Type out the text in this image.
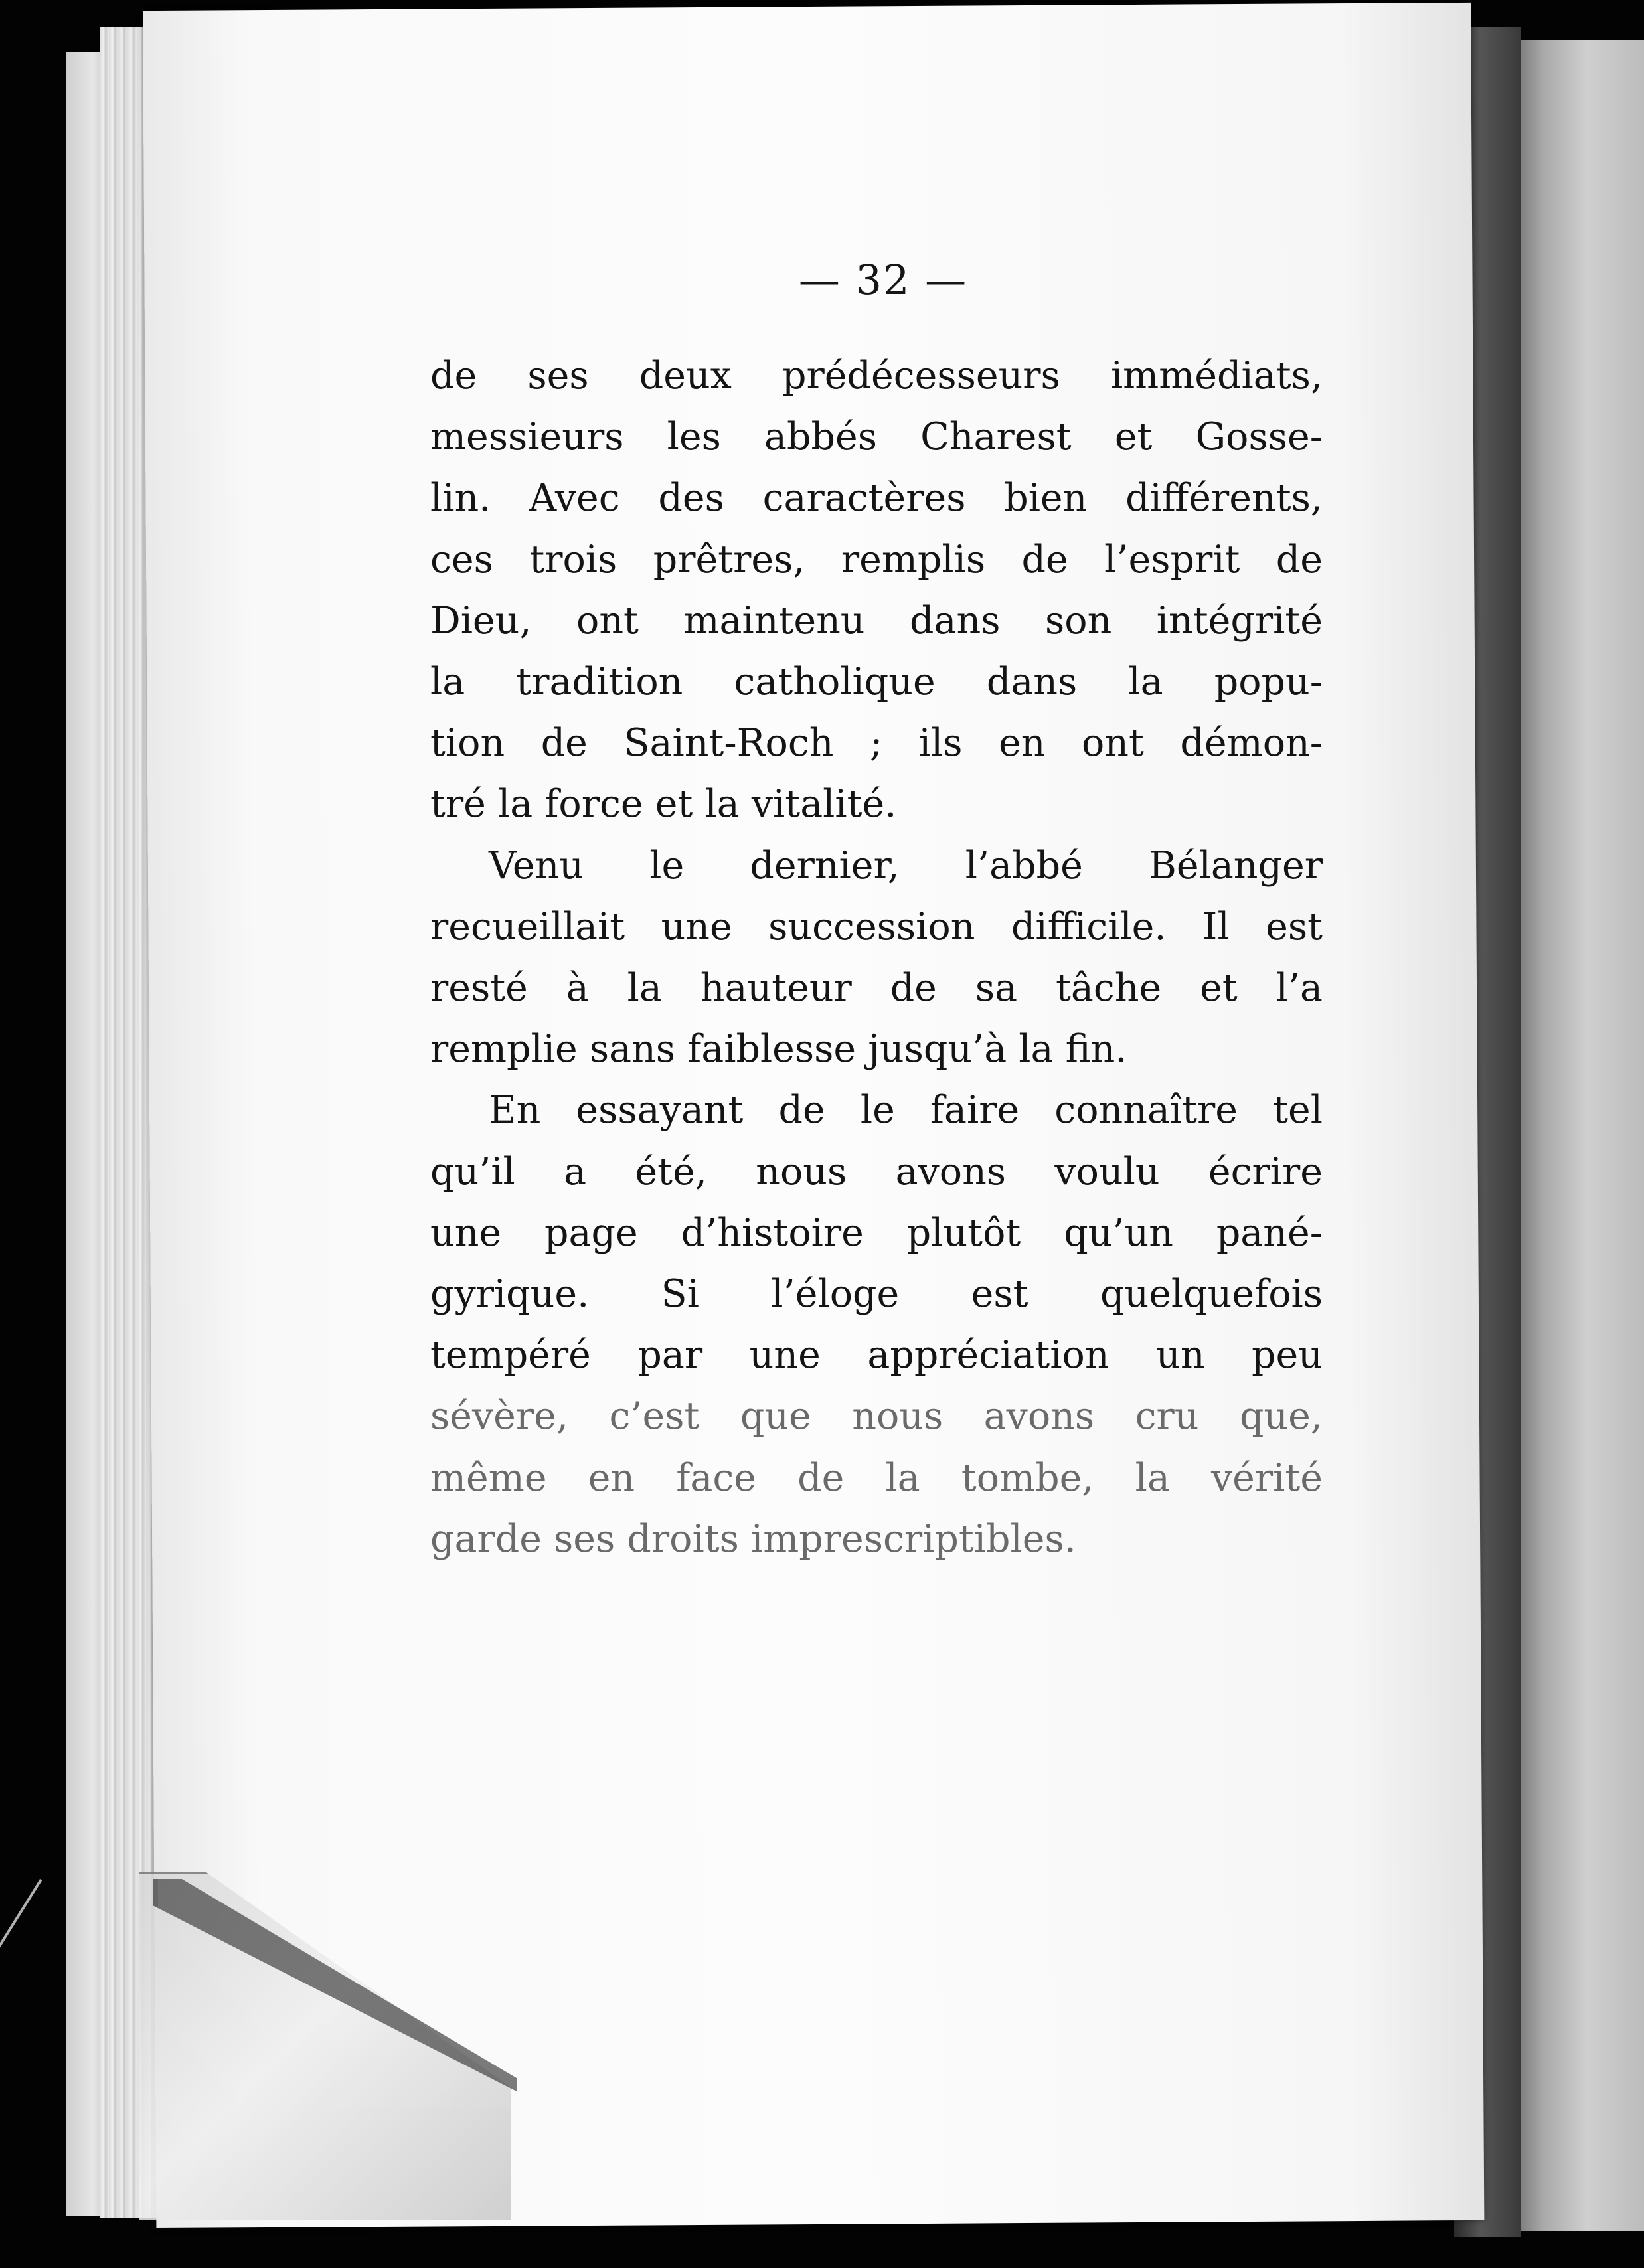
— 32 —

de ses deux prédécesseurs immédiats,
messieurs les abbés Charest et Gosse-
lin. Avec des caractères bien différents,
ces trois prêtres, remplis de l’esprit de
Dieu, ont maintenu dans son intégrité
la tradition catholique dans la popu-
tion de Saint-Roch ; ils en ont démon-
tré la force et la vitalité.

Venu le dernier, l’abbé Bélanger
recueillait une succession difficile. Il est
resté à la hauteur de sa tâche et l’a
remplie sans faiblesse jusqu’à la fin.

En essayant de le faire connaître tel
qu’il a été, nous avons voulu écrire
une page d’histoire plutôt qu’un pané-
gyrique. Si l’éloge est quelquefois
tempéré par une appréciation un peu
sévère, c’est que nous avons cru que,
même en face de la tombe, la vérité
garde ses droits imprescriptibles.
